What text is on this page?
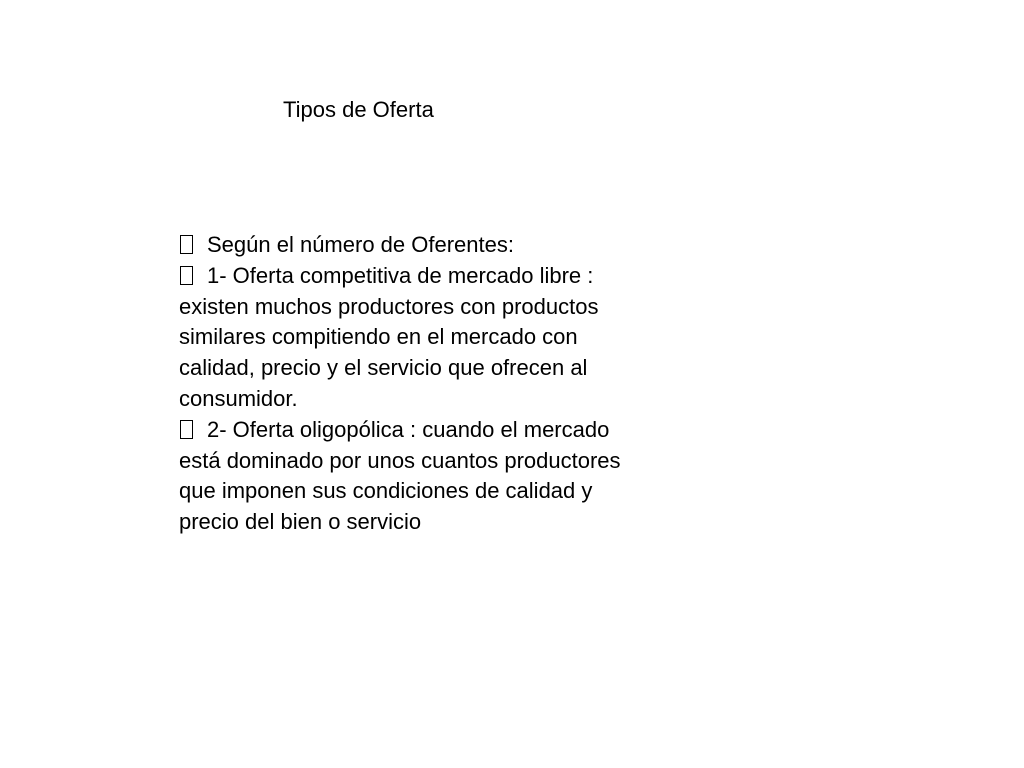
Tipos de Oferta

Según el número de Oferentes:

1- Oferta competitiva de mercado libre : existen muchos productores con productos similares compitiendo en el mercado con calidad, precio y el servicio que ofrecen al consumidor.

2- Oferta oligopólica : cuando el mercado está dominado por unos cuantos productores que imponen sus condiciones de calidad y precio del bien o servicio
